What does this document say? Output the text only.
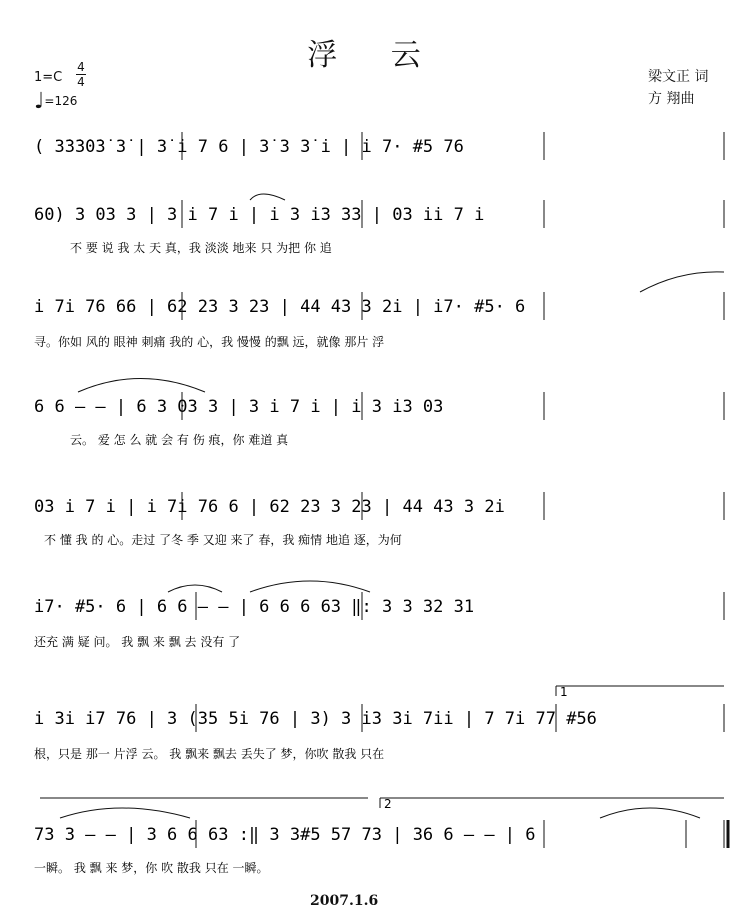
浮 云
梁文正 词
方 翔曲
1=C
4
4
♩=126
( 3̇3̇3̇0̇3̇ 3̇ | 3̇ i 7 6 | 3̇ 3 3̇ i | i 7· #5 76
60) 3 03 3 | 3 i 7 i | i 3 i3 33 | 03 ii 7 i
不 要 说 我 太 天 真，我 淡淡 地来 只 为把 你 追
i 7i 76 66 | 62 23 3 23 | 44 43 3 2i | i7· #5· 6
寻。你如 风的 眼神 刺痛 我的 心，我 慢慢 的飘 远，就像 那片 浮
6 6 – – | 6 3 03 3 | 3 i 7 i | i 3 i3 03
云。 爱 怎 么 就 会 有 伤 痕，你 难道 真
03 i 7 i | i 7i 76 6 | 62 23 3 23 | 44 43 3 2i
不 懂 我 的 心。走过 了冬 季 又迎 来了 春，我 痴情 地追 逐，为何
i7· #5· 6 | 6 6 – – | 6 6 6 63 ‖: 3 3 32 31
还充 满 疑 问。 我 飘 来 飘 去 没有 了
1
i 3i i7 76 | 3 (35 5i 76 | 3) 3 i3 3i 7ii | 7 7i 77 #56
根，只是 那一 片浮 云。 我 飘来 飘去 丢失了 梦，你吹 散我 只在
2
73 3 – – | 3 6 6 63 :‖ 3 3#5 57 73 | 36 6 – – | 6
一瞬。 我 飘 来 梦，你 吹 散我 只在 一瞬。
2007.1.6
